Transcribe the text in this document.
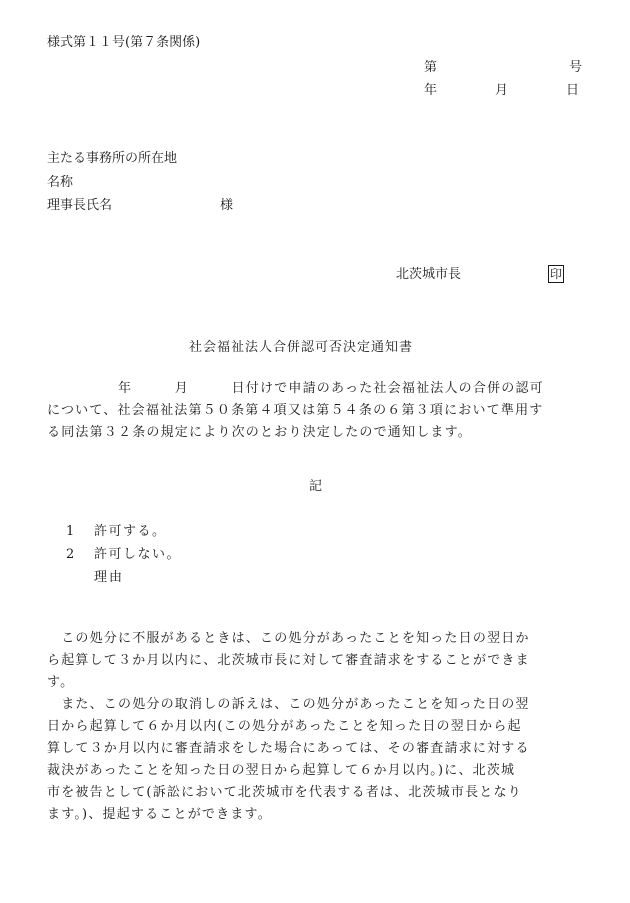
様式第１１号(第７条関係)
第	号
年	月	日
主たる事務所の所在地
名称
理事長氏名	様
北茨城市長	印
社会福祉法人合併認可否決定通知書
　　　　　年　　　月　　　日付けで申請のあった社会福祉法人の合併の認可
について、社会福祉法第５０条第４項又は第５４条の６第３項において準用す
る同法第３２条の規定により次のとおり決定したので通知します。
記
1 許可する。
2 許可しない。
理由
　この処分に不服があるときは、この処分があったことを知った日の翌日か
ら起算して３か月以内に、北茨城市長に対して審査請求をすることができま
す。
　また、この処分の取消しの訴えは、この処分があったことを知った日の翌
日から起算して６か月以内(この処分があったことを知った日の翌日から起
算して３か月以内に審査請求をした場合にあっては、その審査請求に対する
裁決があったことを知った日の翌日から起算して６か月以内。)に、北茨城
市を被告として(訴訟において北茨城市を代表する者は、北茨城市長となり
ます。)、提起することができます。
